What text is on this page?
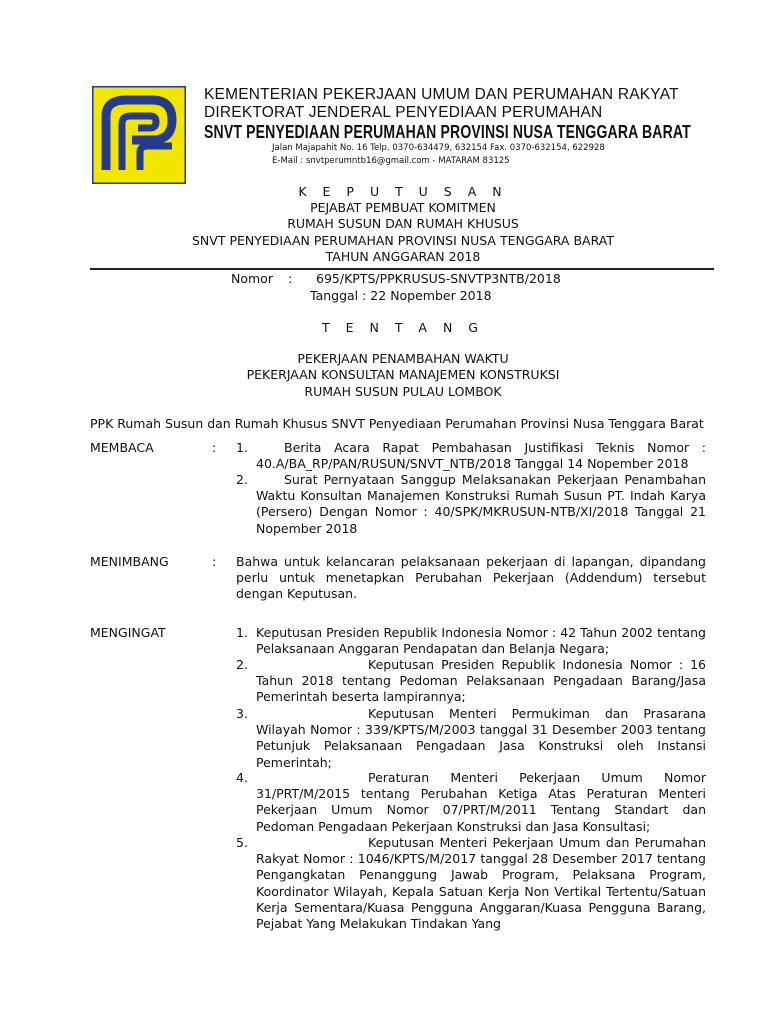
KEMENTERIAN PEKERJAAN UMUM DAN PERUMAHAN RAKYAT
DIREKTORAT JENDERAL PENYEDIAAN PERUMAHAN
SNVT PENYEDIAAN PERUMAHAN PROVINSI NUSA TENGGARA BARAT
Jalan Majapahit No. 16 Telp. 0370-634479, 632154 Fax. 0370-632154, 622928
E-Mail : snvtperumntb16@gmail.com - MATARAM 83125
K E P U T U S A N
PEJABAT PEMBUAT KOMITMEN
RUMAH SUSUN DAN RUMAH KHUSUS
SNVT PENYEDIAAN PERUMAHAN PROVINSI NUSA TENGGARA BARAT
TAHUN ANGGARAN 2018
Nomor : 695/KPTS/PPKRUSUS-SNVTP3NTB/2018
Tanggal : 22 Nopember 2018
T E N T A N G
PEKERJAAN PENAMBAHAN WAKTU
PEKERJAAN KONSULTAN MANAJEMEN KONSTRUKSI
RUMAH SUSUN PULAU LOMBOK
PPK Rumah Susun dan Rumah Khusus SNVT Penyediaan Perumahan Provinsi Nusa Tenggara Barat
MEMBACA	: 1.	Berita Acara Rapat Pembahasan Justifikasi Teknis Nomor : 40.A/BA_RP/PAN/RUSUN/SNVT_NTB/2018 Tanggal 14 Nopember 2018
2.	Surat Pernyataan Sanggup Melaksanakan Pekerjaan Penambahan Waktu Konsultan Manajemen Konstruksi Rumah Susun PT. Indah Karya (Persero) Dengan Nomor : 40/SPK/MKRUSUN-NTB/XI/2018 Tanggal 21 Nopember 2018
MENIMBANG	: Bahwa untuk kelancaran pelaksanaan pekerjaan di lapangan, dipandang perlu untuk menetapkan Perubahan Pekerjaan (Addendum) tersebut dengan Keputusan.
MENGINGAT	1. Keputusan Presiden Republik Indonesia Nomor : 42 Tahun 2002 tentang Pelaksanaan Anggaran Pendapatan dan Belanja Negara;
2.	Keputusan Presiden Republik Indonesia Nomor : 16 Tahun 2018 tentang Pedoman Pelaksanaan Pengadaan Barang/Jasa Pemerintah beserta lampirannya;
3.	Keputusan Menteri Permukiman dan Prasarana Wilayah Nomor : 339/KPTS/M/2003 tanggal 31 Desember 2003 tentang Petunjuk Pelaksanaan Pengadaan Jasa Konstruksi oleh Instansi Pemerintah;
4.	Peraturan Menteri Pekerjaan Umum Nomor 31/PRT/M/2015 tentang Perubahan Ketiga Atas Peraturan Menteri Pekerjaan Umum Nomor 07/PRT/M/2011 Tentang Standart dan Pedoman Pengadaan Pekerjaan Konstruksi dan Jasa Konsultasi;
5.	Keputusan Menteri Pekerjaan Umum dan Perumahan Rakyat Nomor : 1046/KPTS/M/2017 tanggal 28 Desember 2017 tentang Pengangkatan Penanggung Jawab Program, Pelaksana Program, Koordinator Wilayah, Kepala Satuan Kerja Non Vertikal Tertentu/Satuan Kerja Sementara/Kuasa Pengguna Anggaran/Kuasa Pengguna Barang, Pejabat Yang Melakukan Tindakan Yang
